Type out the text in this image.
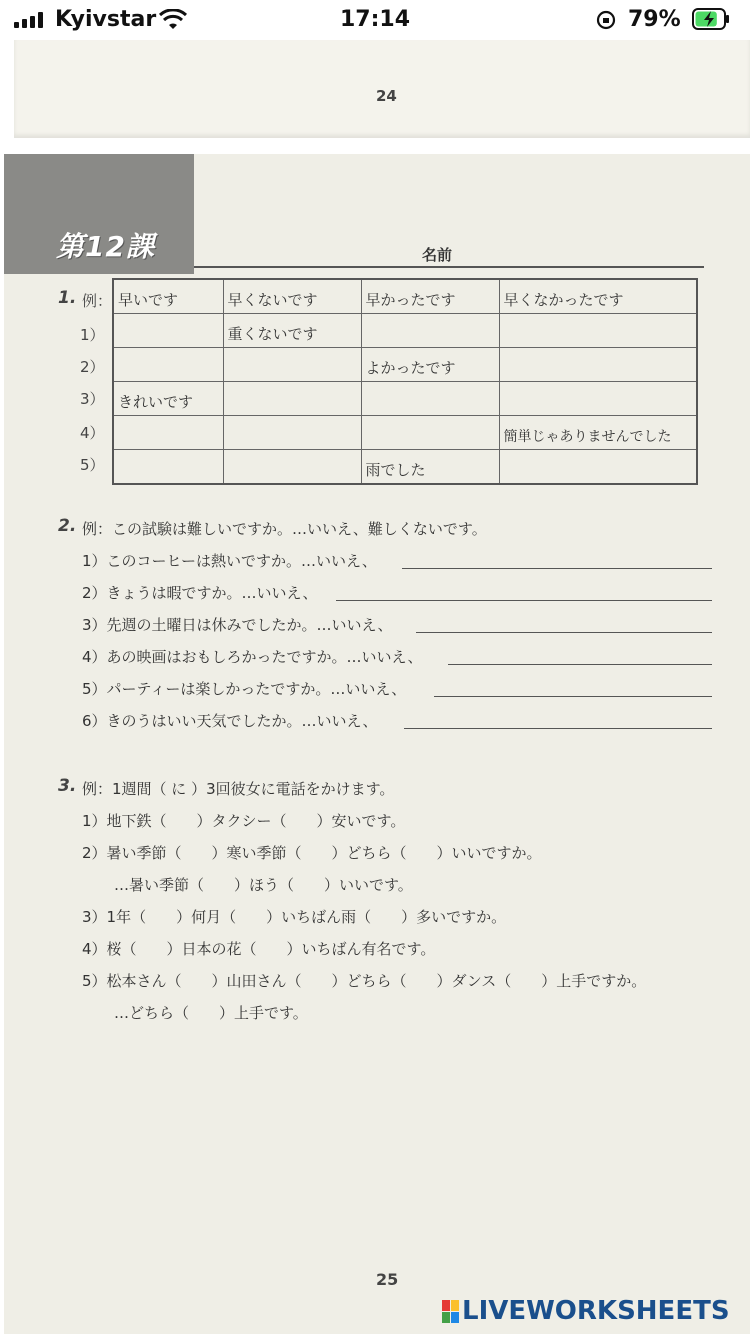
Kyivstar	17:14	79%
24
第12課	名前
1. 例：
1）
2）
3）
4）
5）
早いです	早くないです	早かったです	早くなかったです
	重くないです		
		よかったです	
きれいです			
			簡単じゃありませんでした
		雨でした	
2. 例：この試験は難しいですか。…いいえ、難しくないです。
1）このコーヒーは熱いですか。…いいえ、
2）きょうは暇ですか。…いいえ、
3）先週の土曜日は休みでしたか。…いいえ、
4）あの映画はおもしろかったですか。…いいえ、
5）パーティーは楽しかったですか。…いいえ、
6）きのうはいい天気でしたか。…いいえ、
3. 例：1週間（ に ）3回彼女に電話をかけます。
1）地下鉄（　　）タクシー（　　）安いです。
2）暑い季節（　　）寒い季節（　　）どちら（　　）いいですか。
…暑い季節（　　）ほう（　　）いいです。
3）1年（　　）何月（　　）いちばん雨（　　）多いですか。
4）桜（　　）日本の花（　　）いちばん有名です。
5）松本さん（　　）山田さん（　　）どちら（　　）ダンス（　　）上手ですか。
…どちら（　　）上手です。
25
LIVEWORKSHEETS
